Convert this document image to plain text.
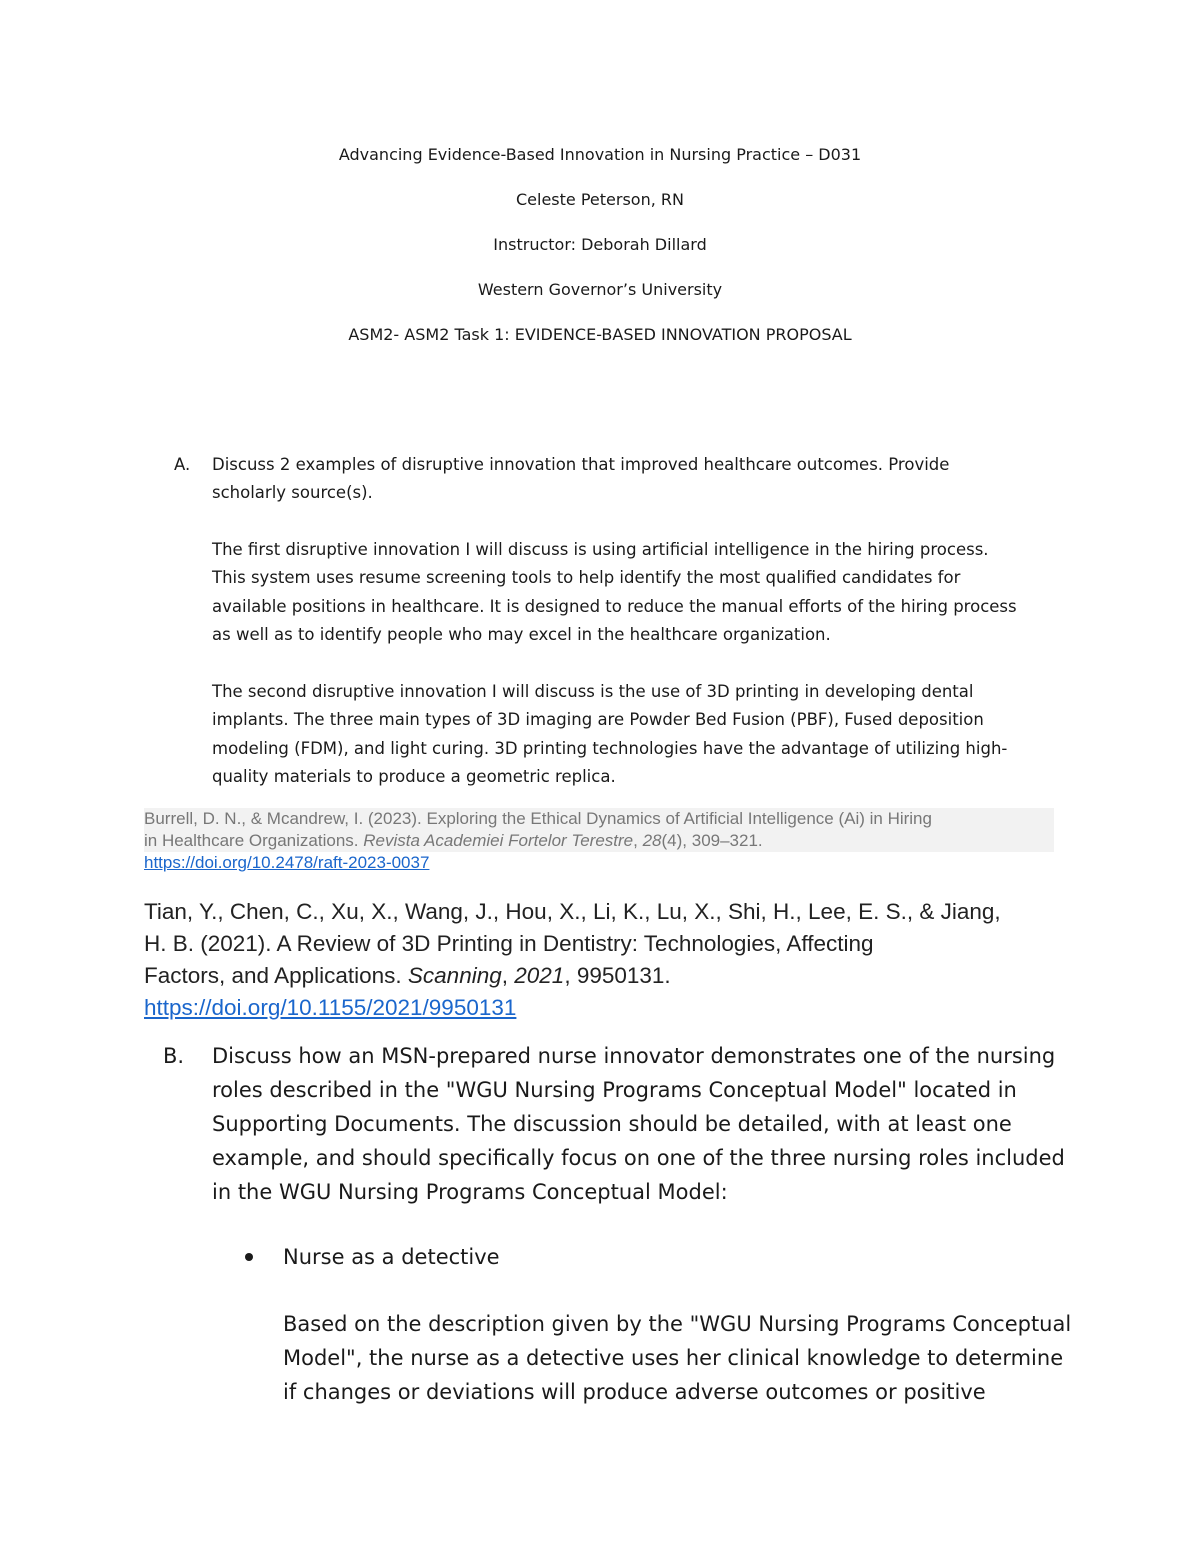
Advancing Evidence-Based Innovation in Nursing Practice – D031
Celeste Peterson, RN
Instructor: Deborah Dillard
Western Governor’s University
ASM2- ASM2 Task 1: EVIDENCE-BASED INNOVATION PROPOSAL
A. Discuss 2 examples of disruptive innovation that improved healthcare outcomes. Provide
scholarly source(s).
The first disruptive innovation I will discuss is using artificial intelligence in the hiring process.
This system uses resume screening tools to help identify the most qualified candidates for
available positions in healthcare. It is designed to reduce the manual efforts of the hiring process
as well as to identify people who may excel in the healthcare organization.
The second disruptive innovation I will discuss is the use of 3D printing in developing dental
implants. The three main types of 3D imaging are Powder Bed Fusion (PBF), Fused deposition
modeling (FDM), and light curing. 3D printing technologies have the advantage of utilizing high-
quality materials to produce a geometric replica.
Burrell, D. N., & Mcandrew, I. (2023). Exploring the Ethical Dynamics of Artificial Intelligence (Ai) in Hiring
in Healthcare Organizations. Revista Academiei Fortelor Terestre, 28(4), 309–321.
https://doi.org/10.2478/raft-2023-0037
Tian, Y., Chen, C., Xu, X., Wang, J., Hou, X., Li, K., Lu, X., Shi, H., Lee, E. S., & Jiang,
H. B. (2021). A Review of 3D Printing in Dentistry: Technologies, Affecting
Factors, and Applications. Scanning, 2021, 9950131.
https://doi.org/10.1155/2021/9950131
B. Discuss how an MSN-prepared nurse innovator demonstrates one of the nursing
roles described in the "WGU Nursing Programs Conceptual Model" located in
Supporting Documents. The discussion should be detailed, with at least one
example, and should specifically focus on one of the three nursing roles included
in the WGU Nursing Programs Conceptual Model:
Nurse as a detective
Based on the description given by the "WGU Nursing Programs Conceptual
Model", the nurse as a detective uses her clinical knowledge to determine
if changes or deviations will produce adverse outcomes or positive
